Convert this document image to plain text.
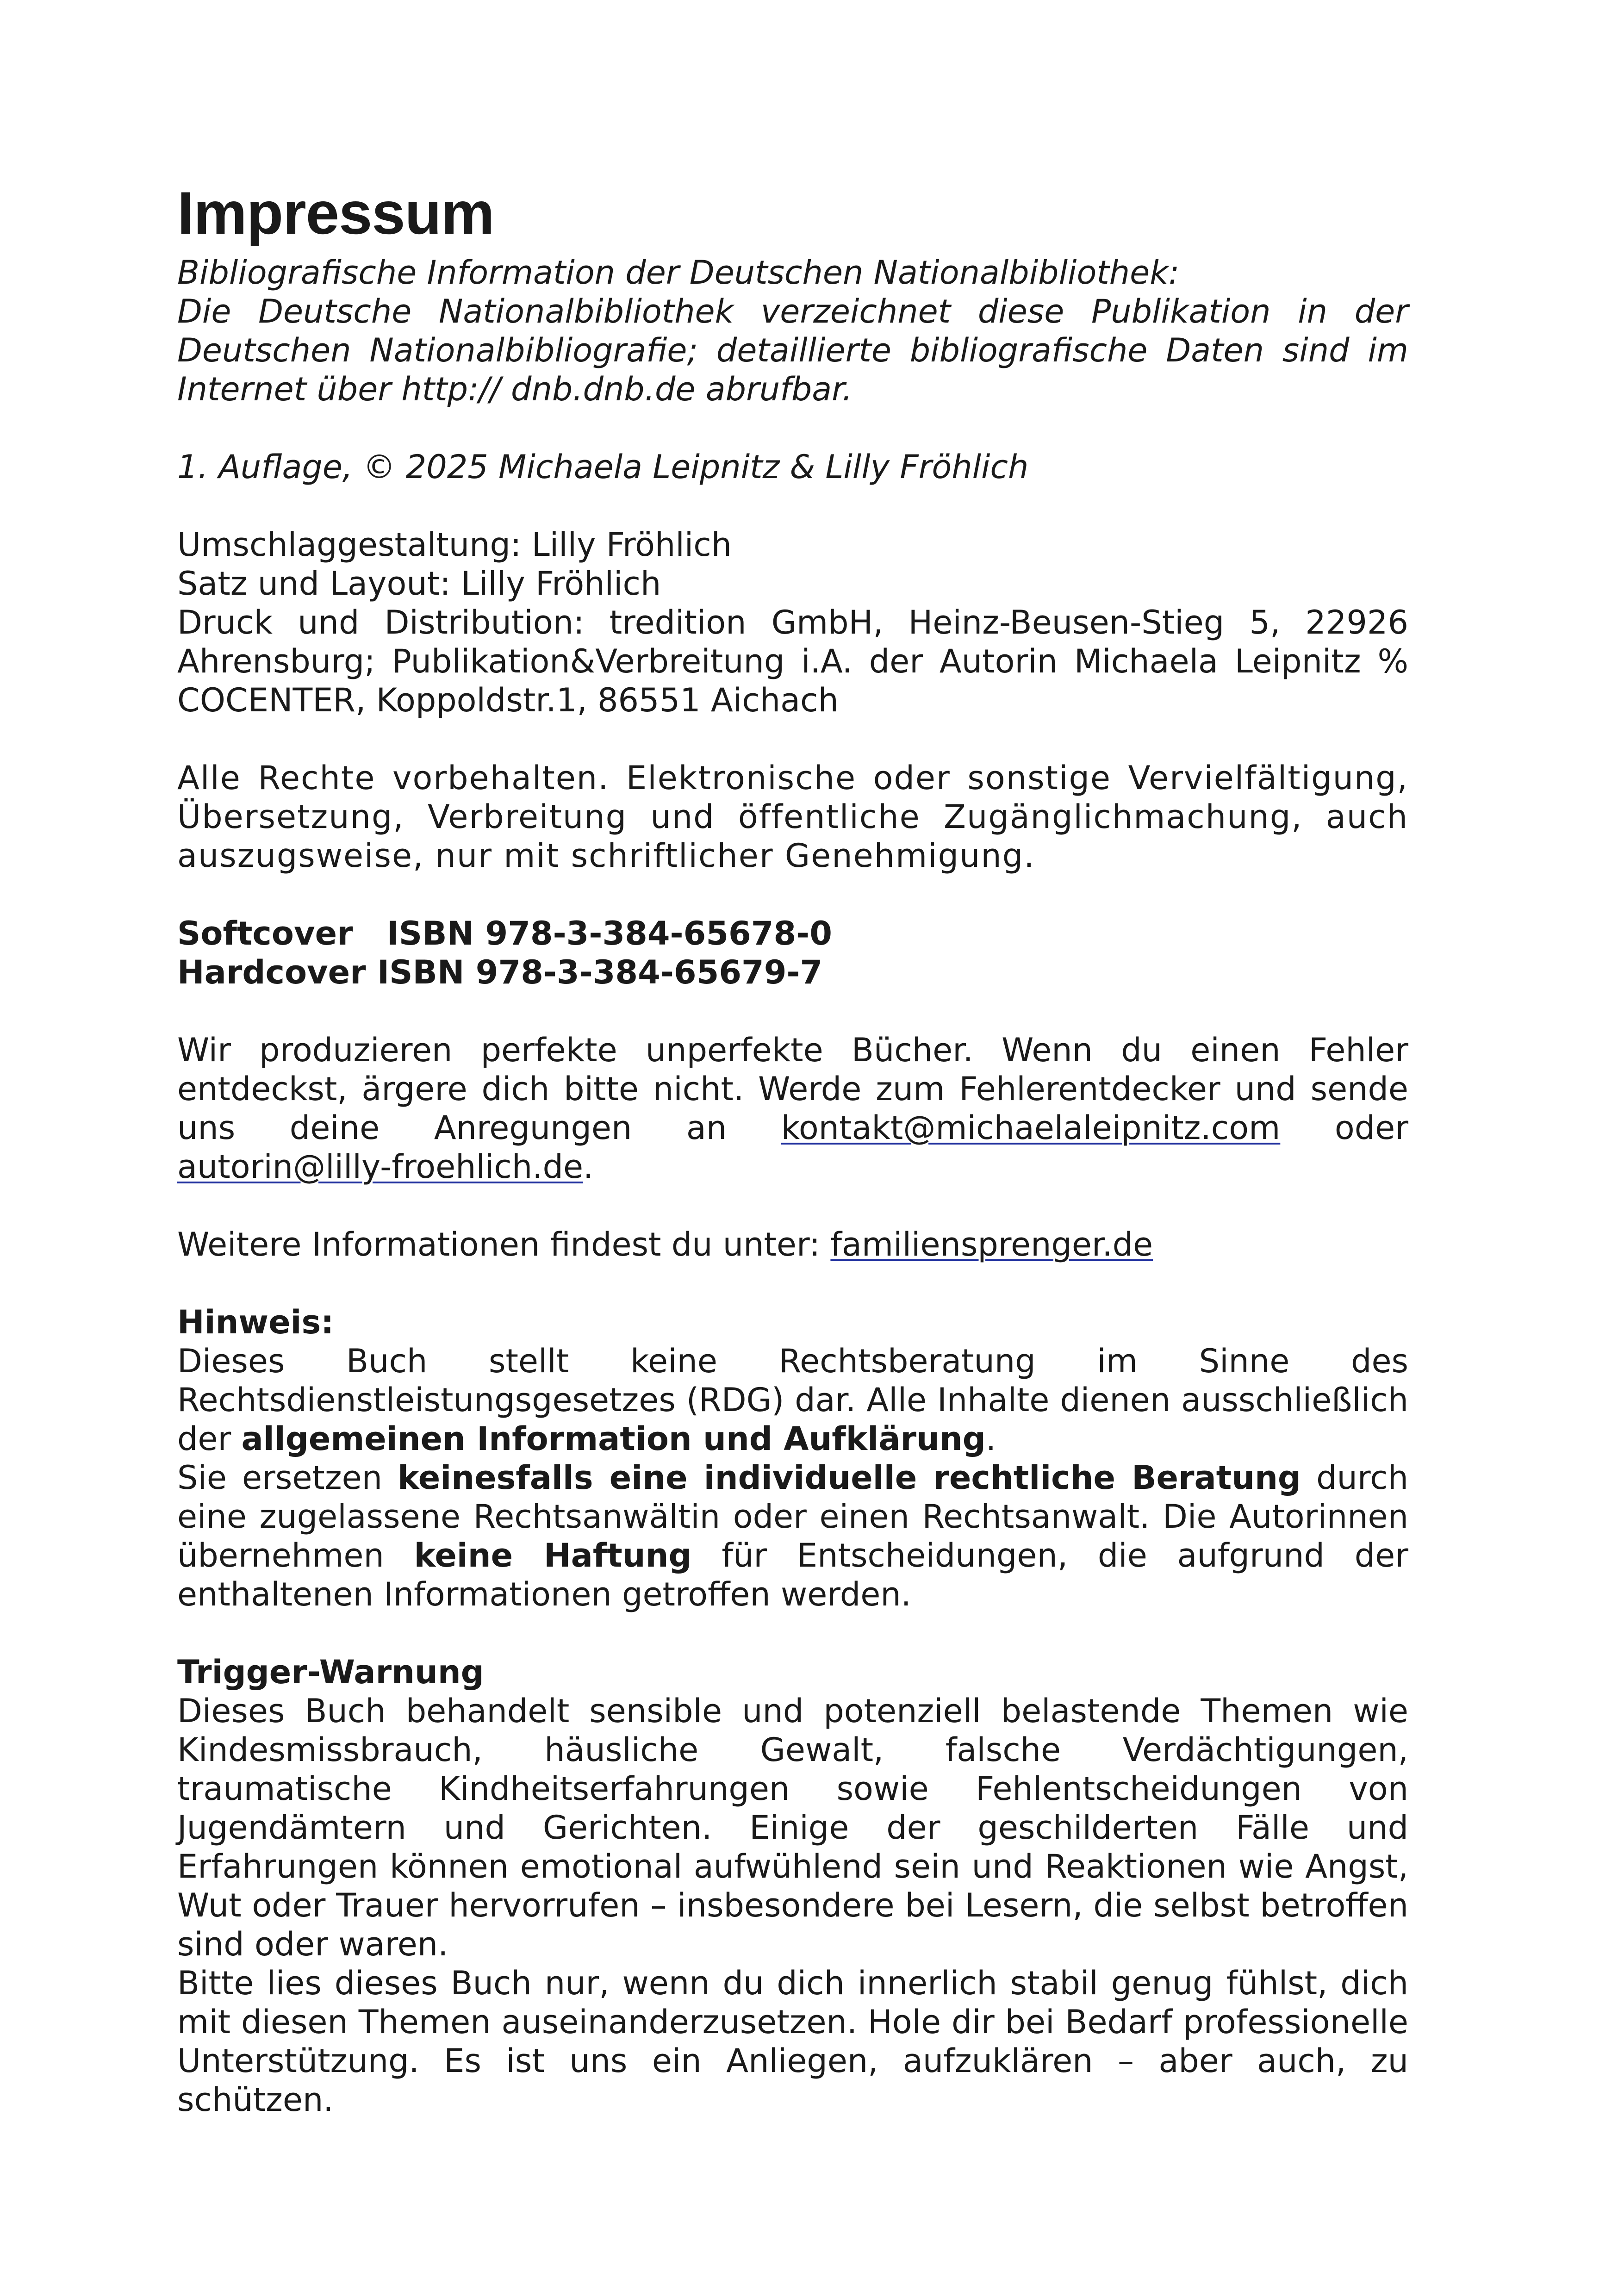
Impressum
Bibliografische Information der Deutschen Nationalbibliothek:
Die Deutsche Nationalbibliothek verzeichnet diese Publikation in der Deutschen Nationalbibliografie; detaillierte bibliografische Daten sind im Internet über http:// dnb.dnb.de abrufbar.

1. Auflage, © 2025 Michaela Leipnitz & Lilly Fröhlich

Umschlaggestaltung: Lilly Fröhlich
Satz und Layout: Lilly Fröhlich
Druck und Distribution: tredition GmbH, Heinz-Beusen-Stieg 5, 22926 Ahrensburg; Publikation&Verbreitung i.A. der Autorin Michaela Leipnitz % COCENTER, Koppoldstr.1, 86551 Aichach

Alle Rechte vorbehalten. Elektronische oder sonstige Vervielfältigung, Übersetzung, Verbreitung und öffentliche Zugänglichmachung, auch auszugsweise, nur mit schriftlicher Genehmigung.

Softcover   ISBN 978-3-384-65678-0
Hardcover ISBN 978-3-384-65679-7

Wir produzieren perfekte unperfekte Bücher. Wenn du einen Fehler entdeckst, ärgere dich bitte nicht. Werde zum Fehlerentdecker und sende uns deine Anregungen an kontakt@michaelaleipnitz.com oder autorin@lilly-froehlich.de.

Weitere Informationen findest du unter: familiensprenger.de

Hinweis:
Dieses Buch stellt keine Rechtsberatung im Sinne des Rechtsdienstleistungsgesetzes (RDG) dar. Alle Inhalte dienen ausschließlich der allgemeinen Information und Aufklärung.
Sie ersetzen keinesfalls eine individuelle rechtliche Beratung durch eine zugelassene Rechtsanwältin oder einen Rechtsanwalt. Die Autorinnen übernehmen keine Haftung für Entscheidungen, die aufgrund der enthaltenen Informationen getroffen werden.
Trigger-Warnung
Dieses Buch behandelt sensible und potenziell belastende Themen wie Kindesmissbrauch, häusliche Gewalt, falsche Verdächtigungen, traumatische Kindheitserfahrungen sowie Fehlentscheidungen von Jugendämtern und Gerichten. Einige der geschilderten Fälle und Erfahrungen können emotional aufwühlend sein und Reaktionen wie Angst, Wut oder Trauer hervorrufen – insbesondere bei Lesern, die selbst betroffen sind oder waren.
Bitte lies dieses Buch nur, wenn du dich innerlich stabil genug fühlst, dich mit diesen Themen auseinanderzusetzen. Hole dir bei Bedarf professionelle Unterstützung. Es ist uns ein Anliegen, aufzuklären – aber auch, zu schützen.
